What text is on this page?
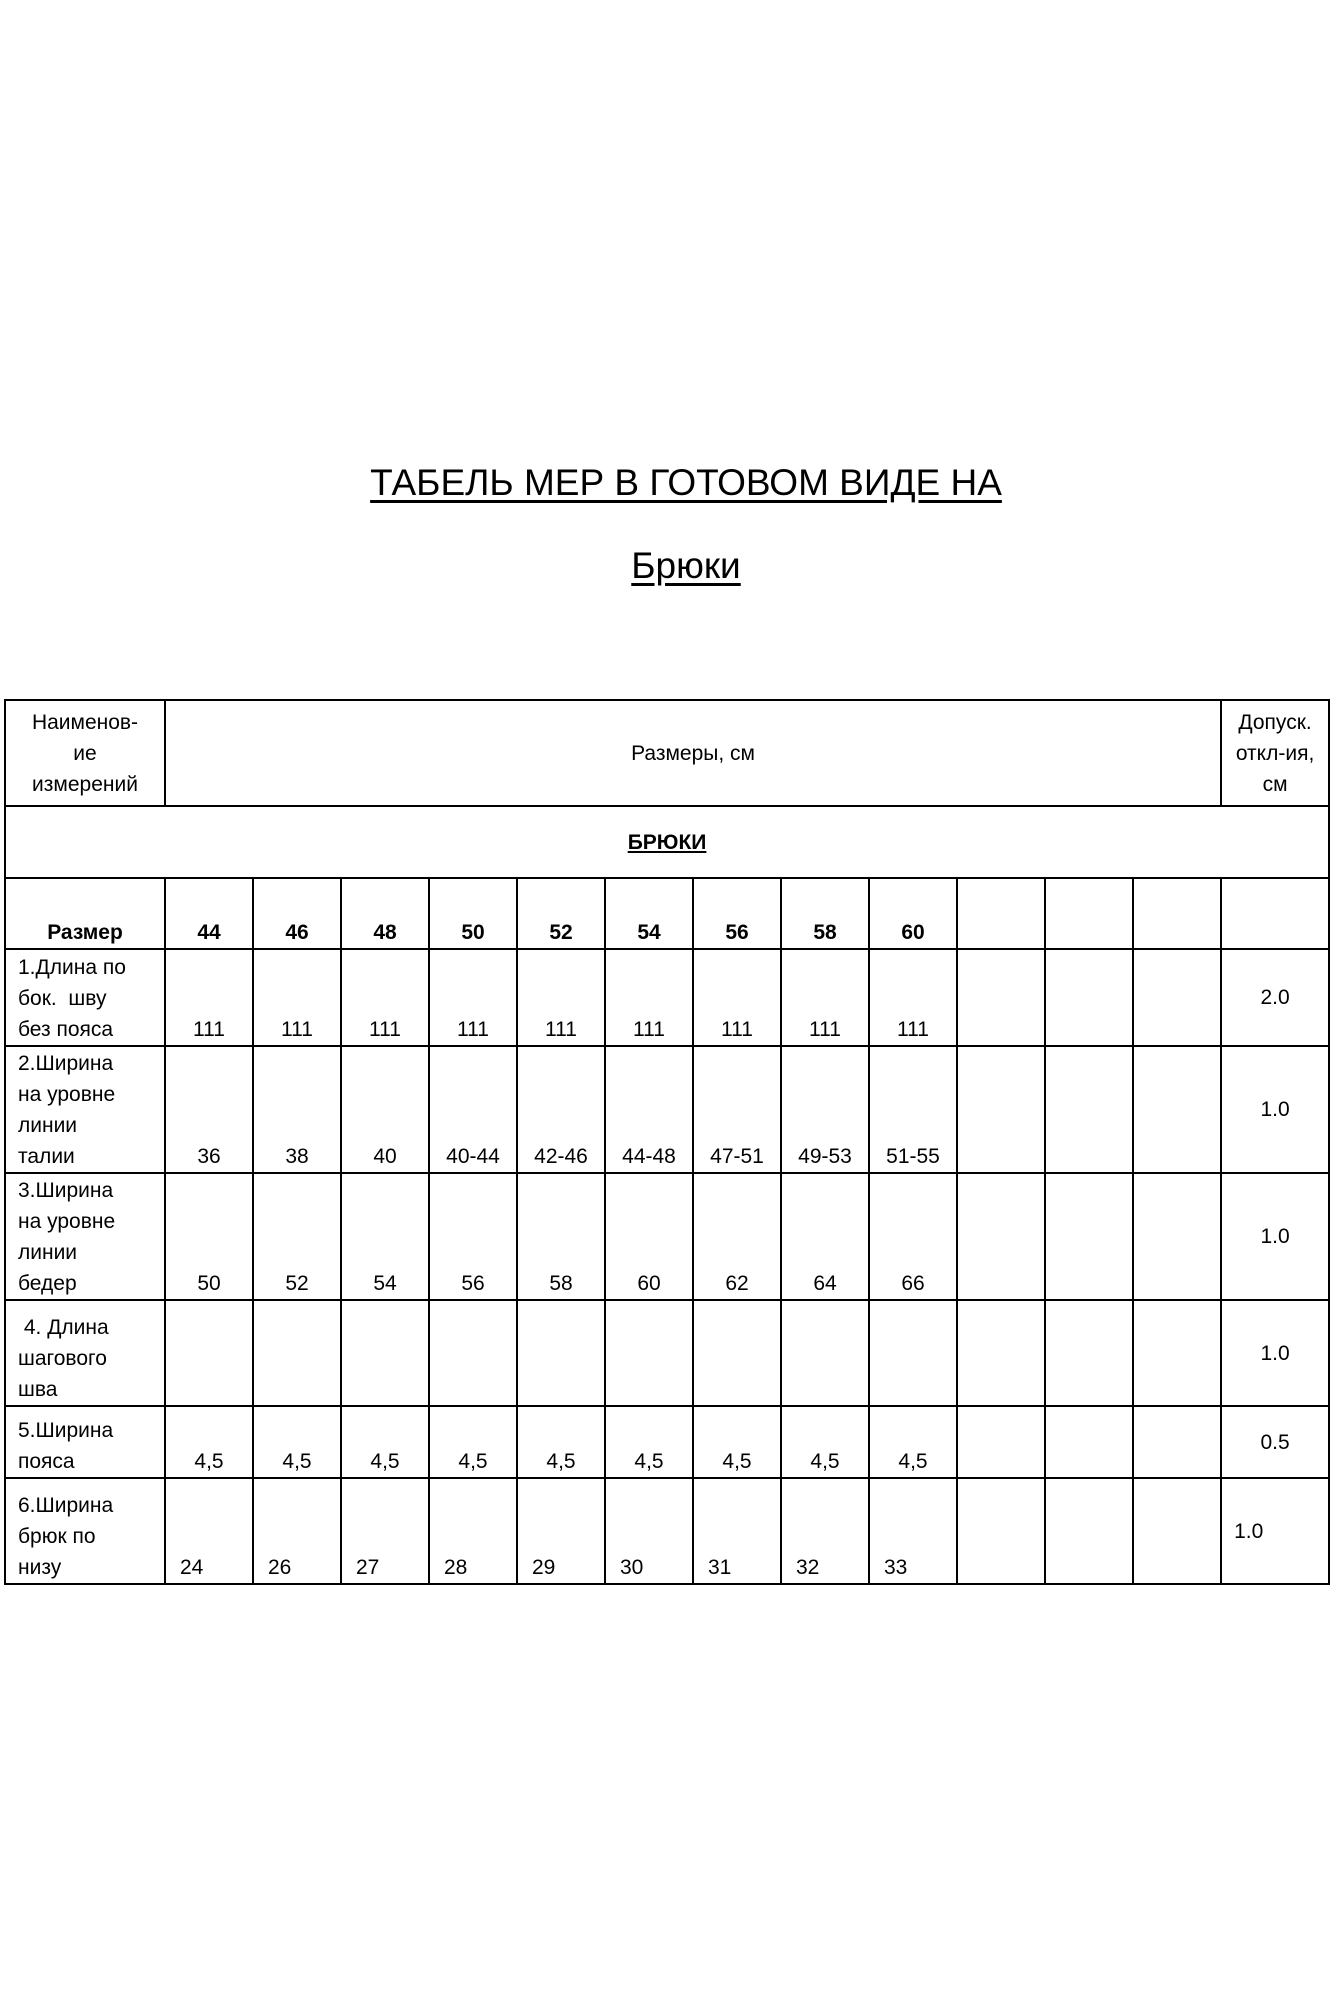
ТАБЕЛЬ МЕР В ГОТОВОМ ВИДЕ НА
Брюки
Наименов-ие измерений	Размеры, см												Допуск. откл-ия, см

БРЮКИ													
Размер	44	46	48	50	52	54	56	58	60				

1.Длина по бок.  шву без пояса	111	111	111	111	111	111	111	111	111				2.0

2.Ширина на уровне линии талии	36	38	40	40-44	42-46	44-48	47-51	49-53	51-55				1.0

3.Ширина на уровне линии бедер	50	52	54	56	58	60	62	64	66				1.0

4. Длина шагового шва													1.0

5.Ширина пояса	4,5	4,5	4,5	4,5	4,5	4,5	4,5	4,5	4,5				0.5

6.Ширина брюк по низу	24	26	27	28	29	30	31	32	33				1.0
